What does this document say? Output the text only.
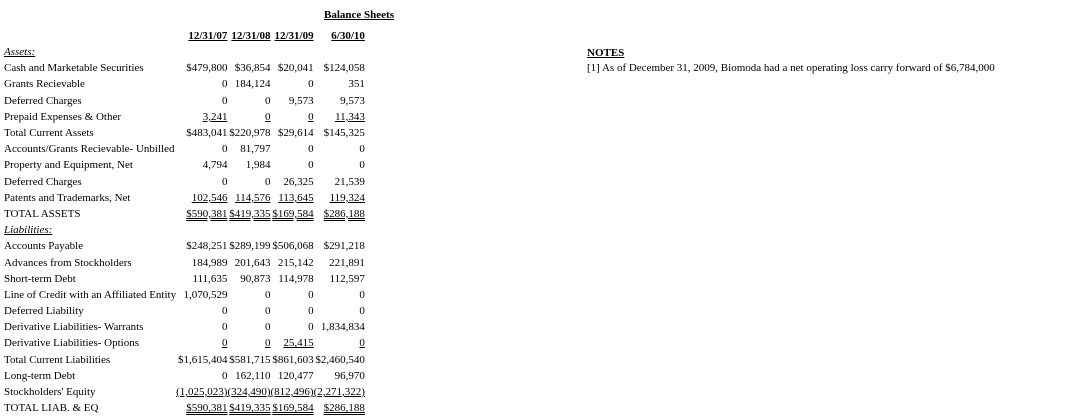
Balance Sheets
	12/31/07	12/31/08	12/31/09	6/30/10
Assets:				
Cash and Marketable Securities	$479,800	$36,854	$20,041	$124,058
Grants Recievable	0	184,124	0	351
Deferred Charges	0	0	9,573	9,573
Prepaid Expenses & Other	3,241	0	0	11,343
Total Current Assets	$483,041	$220,978	$29,614	$145,325
Accounts/Grants Recievable- Unbilled	0	81,797	0	0
Property and Equipment, Net	4,794	1,984	0	0
Deferred Charges	0	0	26,325	21,539
Patents and Trademarks, Net	102,546	114,576	113,645	119,324
TOTAL ASSETS	$590,381	$419,335	$169,584	$286,188
Liabilities:				
Accounts Payable	$248,251	$289,199	$506,068	$291,218
Advances from Stockholders	184,989	201,643	215,142	221,891
Short-term Debt	111,635	90,873	114,978	112,597
Line of Credit with an Affiliated Entity	1,070,529	0	0	0
Deferred Liability	0	0	0	0
Derivative Liabilities- Warrants	0	0	0	1,834,834
Derivative Liabilities- Options	0	0	25,415	0
Total Current Liabilities	$1,615,404	$581,715	$861,603	$2,460,540
Long-term Debt	0	162,110	120,477	96,970
Stockholders' Equity	(1,025,023)	(324,490)	(812,496)	(2,271,322)
TOTAL LIAB. & EQ	$590,381	$419,335	$169,584	$286,188
NOTES
[1] As of December 31, 2009, Biomoda had a net operating loss carry forward of $6,784,000
